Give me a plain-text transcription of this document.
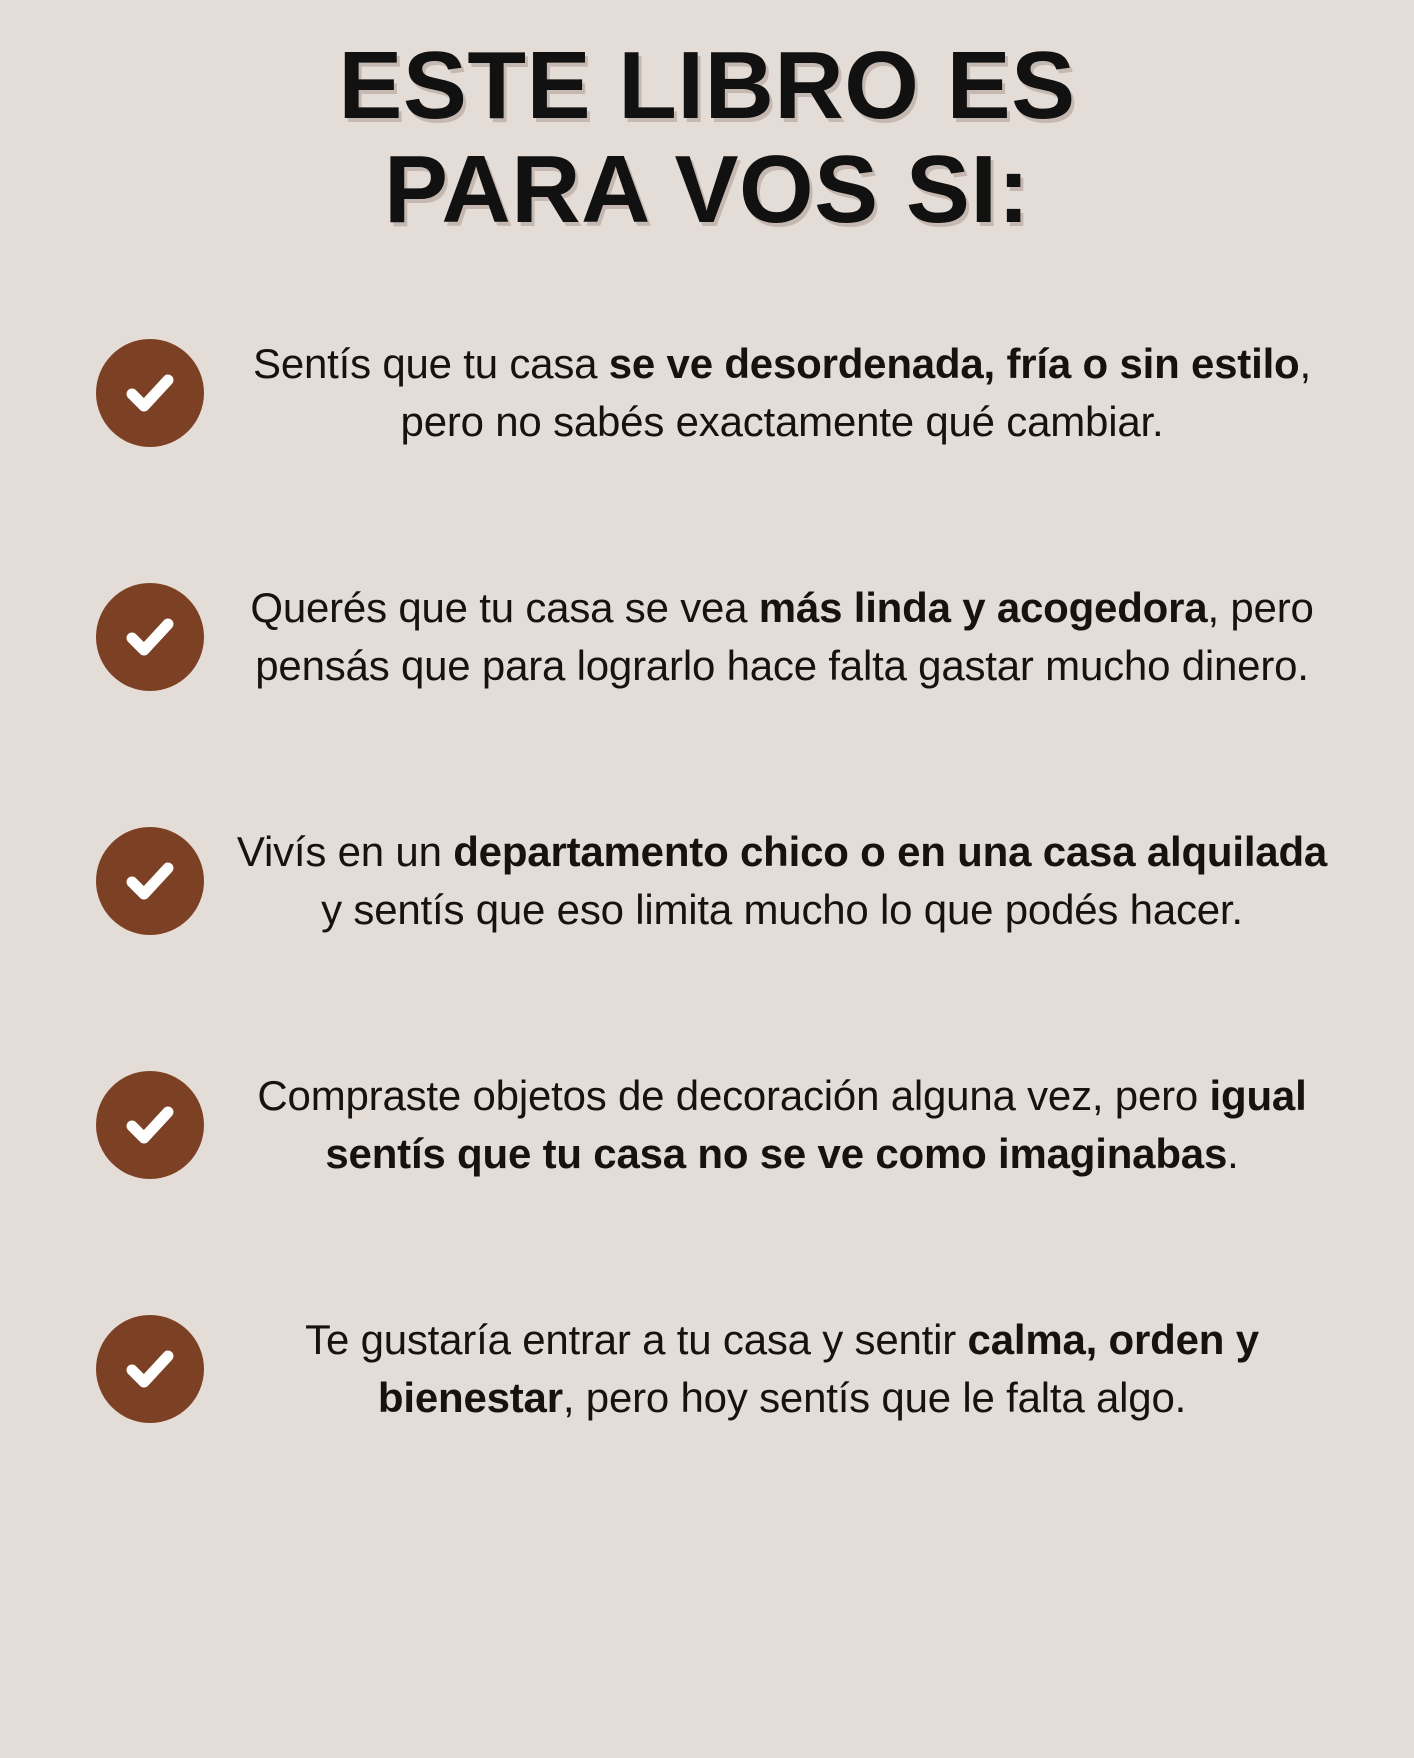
ESTE LIBRO ES
PARA VOS SI:

Sentís que tu casa se ve desordenada, fría o sin estilo, pero no sabés exactamente qué cambiar.

Querés que tu casa se vea más linda y acogedora, pero pensás que para lograrlo hace falta gastar mucho dinero.

Vivís en un departamento chico o en una casa alquilada y sentís que eso limita mucho lo que podés hacer.

Compraste objetos de decoración alguna vez, pero igual sentís que tu casa no se ve como imaginabas.

Te gustaría entrar a tu casa y sentir calma, orden y bienestar, pero hoy sentís que le falta algo.
